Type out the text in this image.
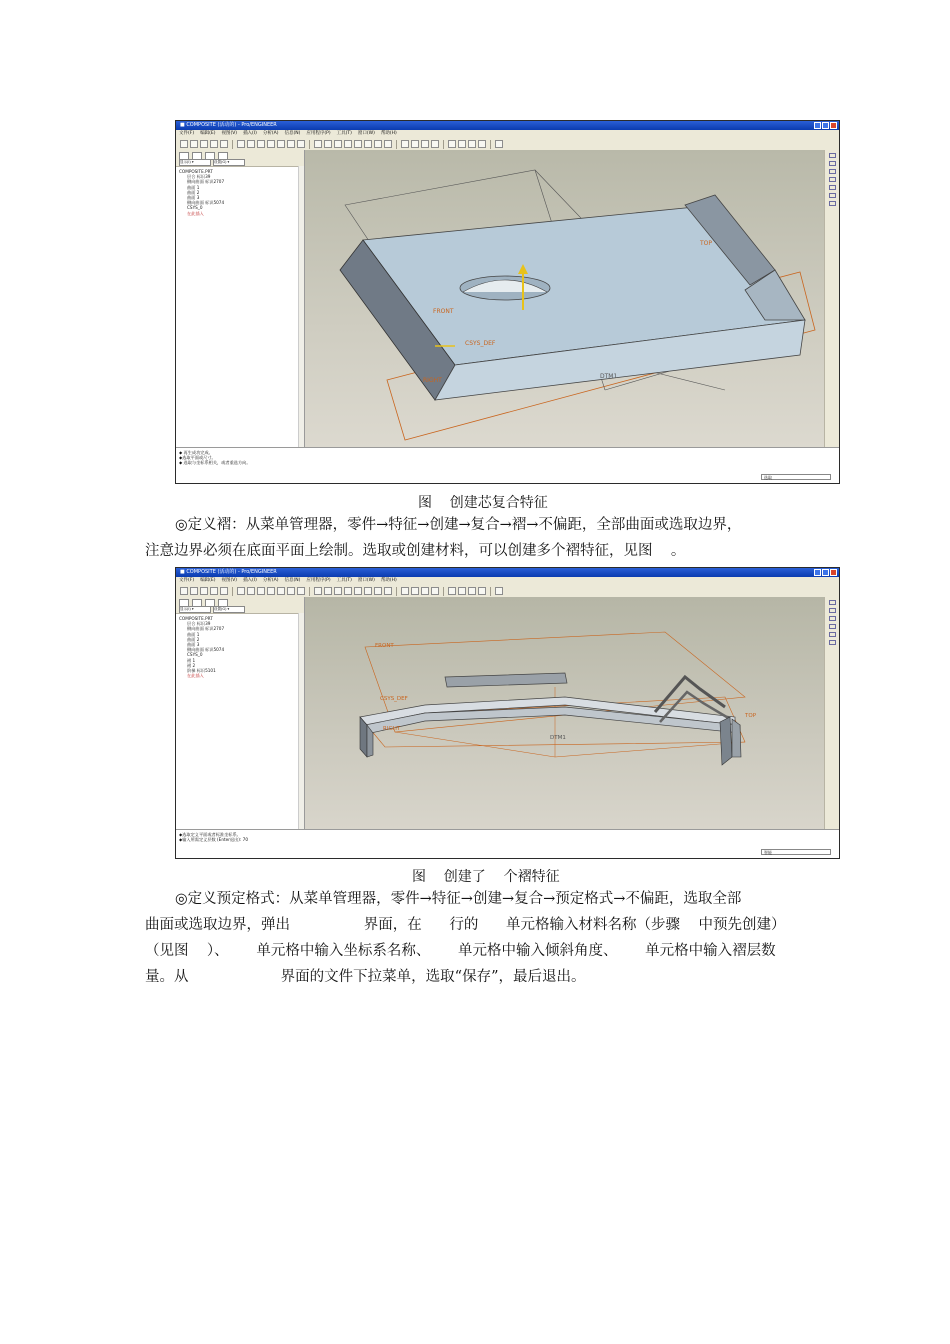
■ COMPOSITE (活动的) - Pro/ENGINEER
文件(F) 编辑(E) 视图(V) 插入(I) 分析(A) 信息(N) 应用程序(P) 工具(T) 窗口(W) 帮助(H)
显示(I) ▾	设置(G) ▾
COMPOSITE.PRT
层合 标识39
侧向曲面 标识2707
曲面 1
曲面 2
曲面 3
侧向曲面 标识5074
CSYS_0
在此插入
TOP
FRONT
CSYS_DEF
RIGHT
DTM1
◆ 再生成功完成。
◆选取平面或尺寸。
◆ 选取与坐标系相关，或者重选方向。
选取
图    创建芯复合特征

◎定义褶：从菜单管理器，零件→特征→创建→复合→褶→不偏距，全部曲面或选取边界，

注意边界必须在底面平面上绘制。选取或创建材料，可以创建多个褶特征，见图    。

■ COMPOSITE (活动的) - Pro/ENGINEER
文件(F) 编辑(E) 视图(V) 插入(I) 分析(A) 信息(N) 应用程序(P) 工具(T) 窗口(W) 帮助(H)
显示(I) ▾	设置(G) ▾
COMPOSITE.PRT
层合 标识39
侧向曲面 标识2707
曲面 1
曲面 2
曲面 3
侧向曲面 标识5074
CSYS_0
褶 1
褶 2
阶梯 标识5101
在此插入
FRONT
CSYS_DEF
RIGHT
DTM1
TOP
◆选取定义平面或者标准坐标系。
◆输入所需定义层数 (Enter退出): 70
智能
图    创建了    个褶特征

◎定义预定格式：从菜单管理器，零件→特征→创建→复合→预定格式→不偏距，选取全部

曲面或选取边界，弹出                界面，在      行的      单元格输入材料名称（步骤    中预先创建）

（见图    ）、      单元格中输入坐标系名称、      单元格中输入倾斜角度、      单元格中输入褶层数

量。从                    界面的文件下拉菜单，选取“保存”，最后退出。
